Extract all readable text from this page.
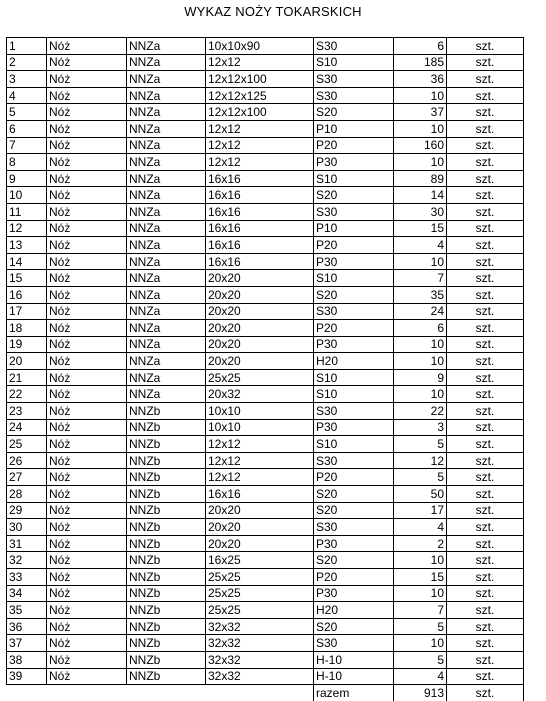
WYKAZ NOŻY TOKARSKICH
1	Nóż	NNZa	10x10x90	S30	6	szt.
2	Nóż	NNZa	12x12	S10	185	szt.
3	Nóż	NNZa	12x12x100	S30	36	szt.
4	Nóż	NNZa	12x12x125	S30	10	szt.
5	Nóż	NNZa	12x12x100	S20	37	szt.
6	Nóż	NNZa	12x12	P10	10	szt.
7	Nóż	NNZa	12x12	P20	160	szt.
8	Nóż	NNZa	12x12	P30	10	szt.
9	Nóż	NNZa	16x16	S10	89	szt.
10	Nóż	NNZa	16x16	S20	14	szt.
11	Nóż	NNZa	16x16	S30	30	szt.
12	Nóż	NNZa	16x16	P10	15	szt.
13	Nóż	NNZa	16x16	P20	4	szt.
14	Nóż	NNZa	16x16	P30	10	szt.
15	Nóż	NNZa	20x20	S10	7	szt.
16	Nóż	NNZa	20x20	S20	35	szt.
17	Nóż	NNZa	20x20	S30	24	szt.
18	Nóż	NNZa	20x20	P20	6	szt.
19	Nóż	NNZa	20x20	P30	10	szt.
20	Nóż	NNZa	20x20	H20	10	szt.
21	Nóż	NNZa	25x25	S10	9	szt.
22	Nóż	NNZa	20x32	S10	10	szt.
23	Nóż	NNZb	10x10	S30	22	szt.
24	Nóż	NNZb	10x10	P30	3	szt.
25	Nóż	NNZb	12x12	S10	5	szt.
26	Nóż	NNZb	12x12	S30	12	szt.
27	Nóż	NNZb	12x12	P20	5	szt.
28	Nóż	NNZb	16x16	S20	50	szt.
29	Nóż	NNZb	20x20	S20	17	szt.
30	Nóż	NNZb	20x20	S30	4	szt.
31	Nóż	NNZb	20x20	P30	2	szt.
32	Nóż	NNZb	16x25	S20	10	szt.
33	Nóż	NNZb	25x25	P20	15	szt.
34	Nóż	NNZb	25x25	P30	10	szt.
35	Nóż	NNZb	25x25	H20	7	szt.
36	Nóż	NNZb	32x32	S20	5	szt.
37	Nóż	NNZb	32x32	S30	10	szt.
38	Nóż	NNZb	32x32	H-10	5	szt.
39	Nóż	NNZb	32x32	H-10	4	szt.
				razem	913	szt.
